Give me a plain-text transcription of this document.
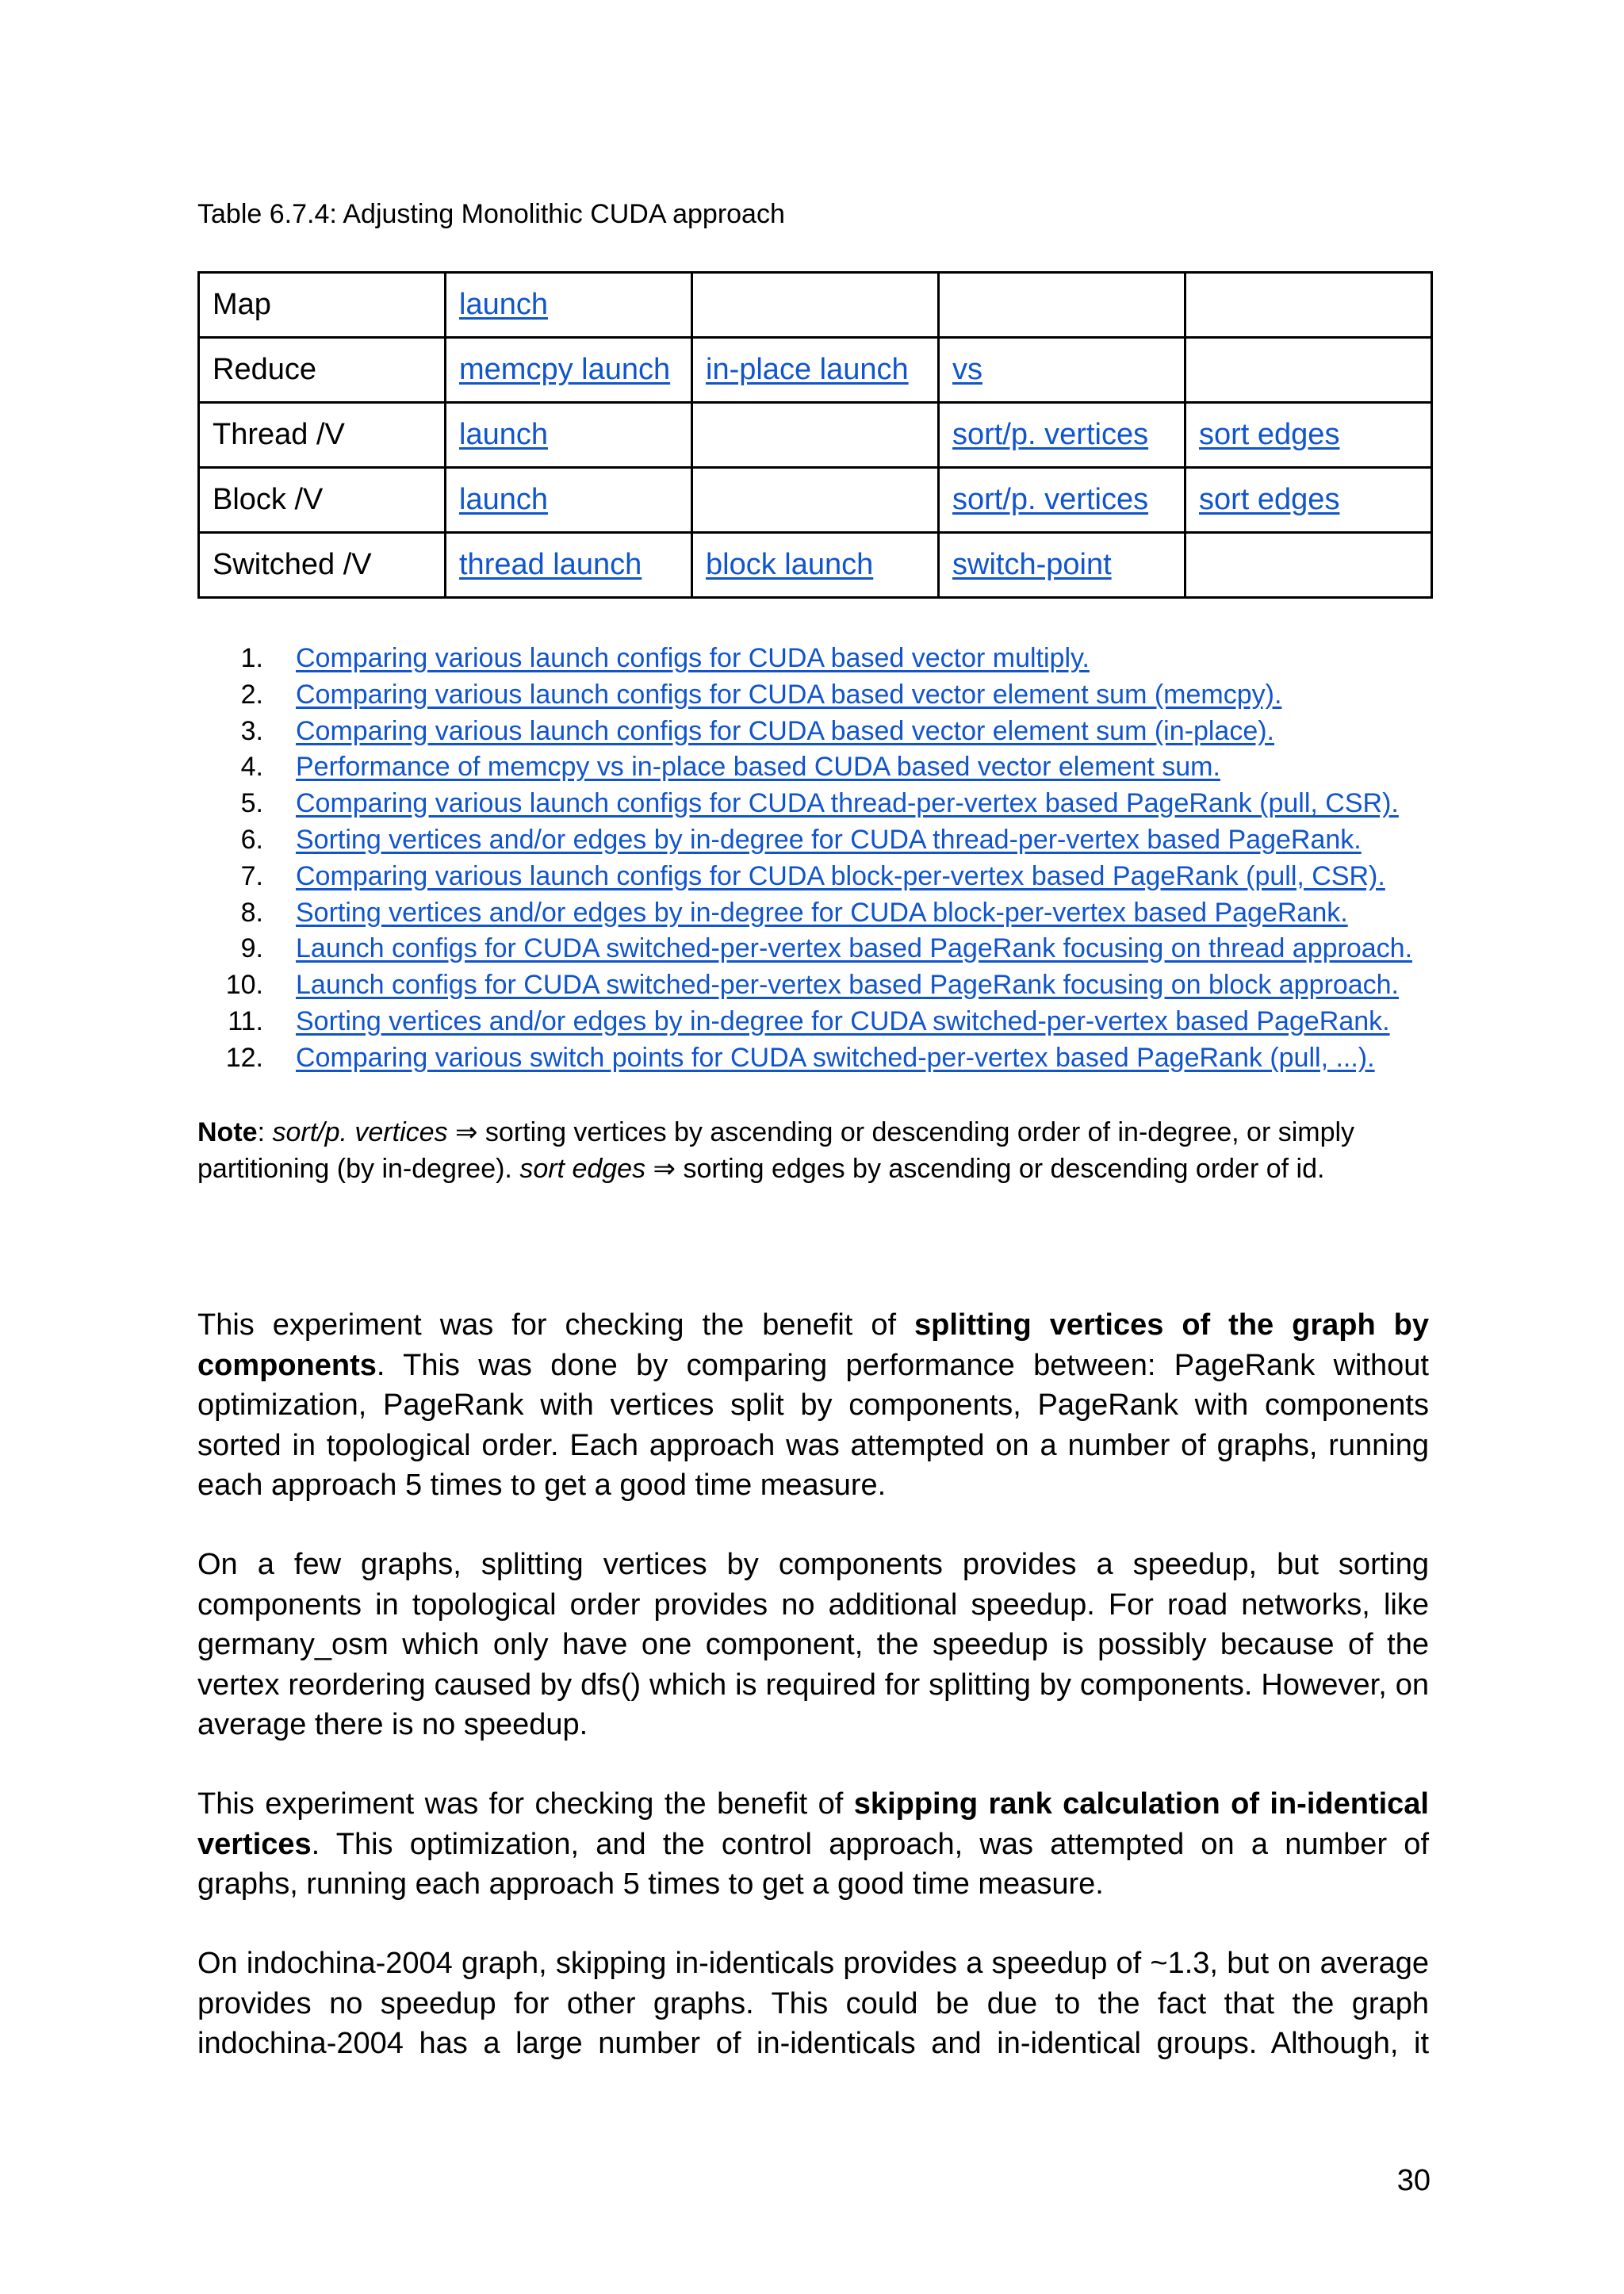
Table 6.7.4: Adjusting Monolithic CUDA approach
Map	launch			
Reduce	memcpy launch	in-place launch	vs	
Thread /V	launch		sort/p. vertices	sort edges
Block /V	launch		sort/p. vertices	sort edges
Switched /V	thread launch	block launch	switch-point	
1. Comparing various launch configs for CUDA based vector multiply.
2. Comparing various launch configs for CUDA based vector element sum (memcpy).
3. Comparing various launch configs for CUDA based vector element sum (in-place).
4. Performance of memcpy vs in-place based CUDA based vector element sum.
5. Comparing various launch configs for CUDA thread-per-vertex based PageRank (pull, CSR).
6. Sorting vertices and/or edges by in-degree for CUDA thread-per-vertex based PageRank.
7. Comparing various launch configs for CUDA block-per-vertex based PageRank (pull, CSR).
8. Sorting vertices and/or edges by in-degree for CUDA block-per-vertex based PageRank.
9. Launch configs for CUDA switched-per-vertex based PageRank focusing on thread approach.
10. Launch configs for CUDA switched-per-vertex based PageRank focusing on block approach.
11. Sorting vertices and/or edges by in-degree for CUDA switched-per-vertex based PageRank.
12. Comparing various switch points for CUDA switched-per-vertex based PageRank (pull, ...).
Note: sort/p. vertices ⇒ sorting vertices by ascending or descending order of in-degree, or simply partitioning (by in-degree). sort edges ⇒ sorting edges by ascending or descending order of id.

This experiment was for checking the benefit of splitting vertices of the graph by components. This was done by comparing performance between: PageRank without optimization, PageRank with vertices split by components, PageRank with components sorted in topological order. Each approach was attempted on a number of graphs, running each approach 5 times to get a good time measure.

On a few graphs, splitting vertices by components provides a speedup, but sorting components in topological order provides no additional speedup. For road networks, like germany_osm which only have one component, the speedup is possibly because of the vertex reordering caused by dfs() which is required for splitting by components. However, on average there is no speedup.

This experiment was for checking the benefit of skipping rank calculation of in-identical vertices. This optimization, and the control approach, was attempted on a number of graphs, running each approach 5 times to get a good time measure.

On indochina-2004 graph, skipping in-identicals provides a speedup of ~1.3, but on average provides no speedup for other graphs. This could be due to the fact that the graph indochina-2004 has a large number of in-identicals and in-identical groups. Although, it

30
